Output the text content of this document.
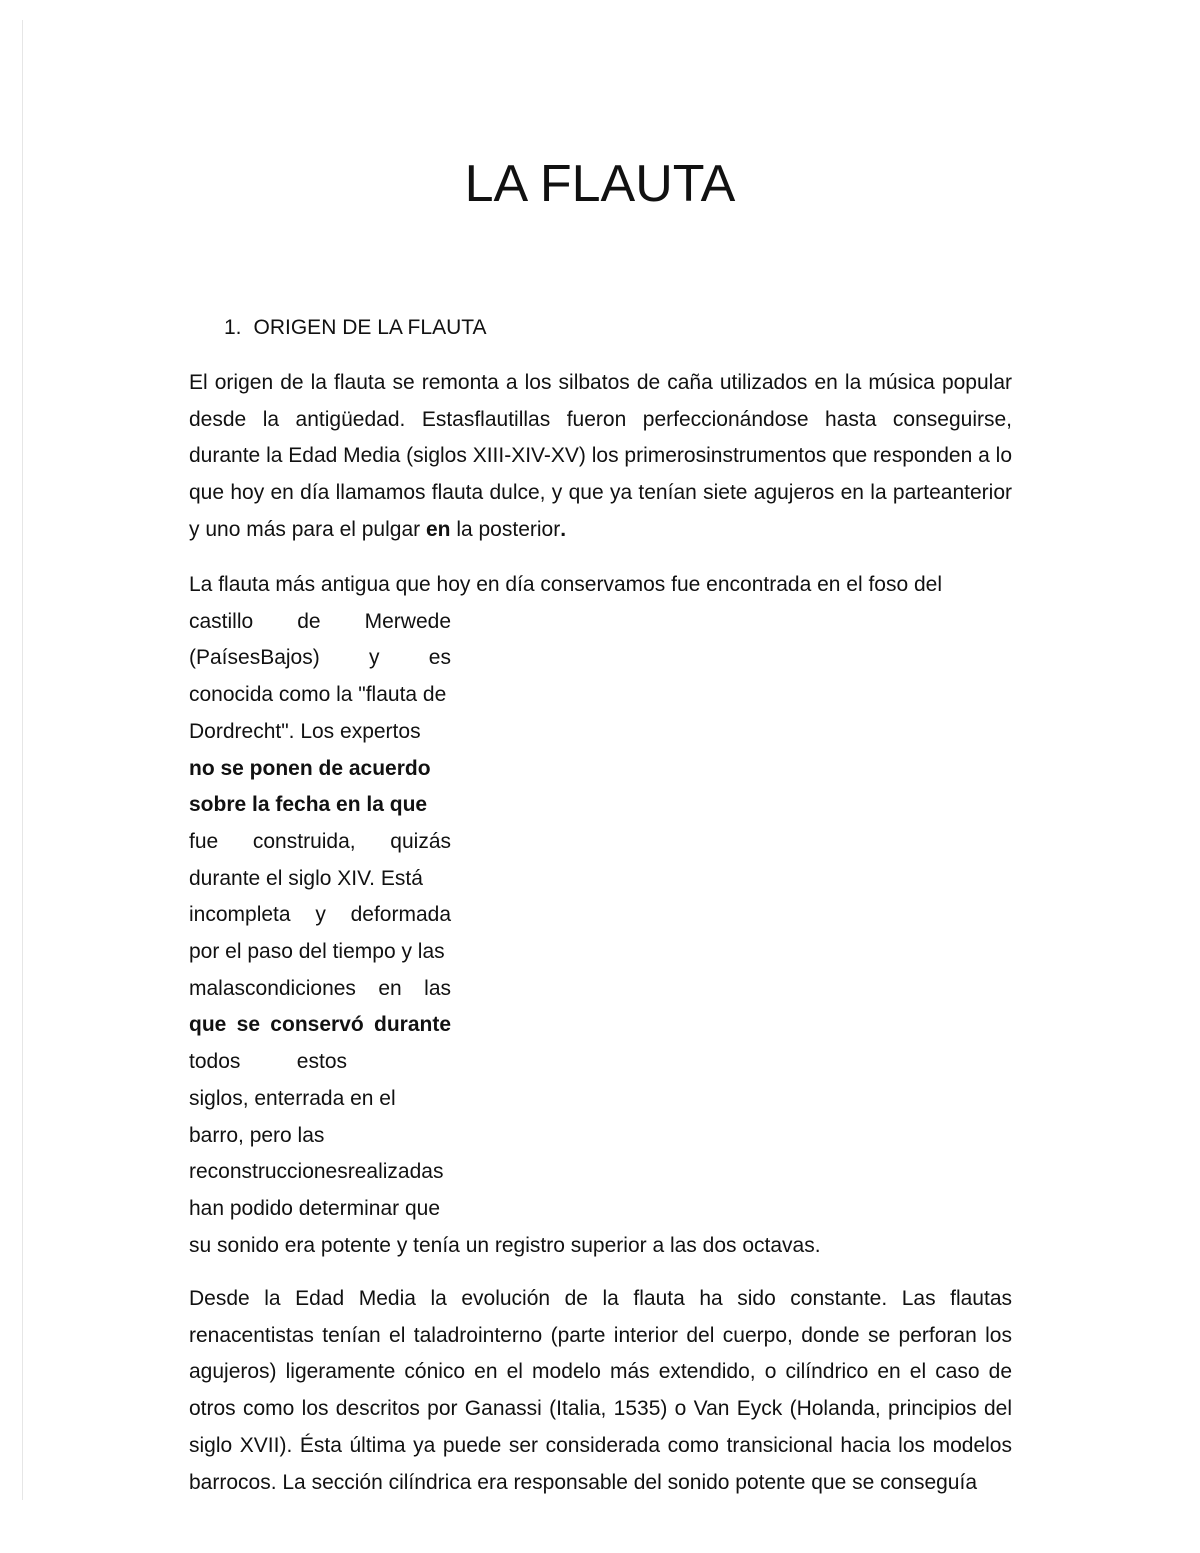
LA FLAUTA
1. ORIGEN DE LA FLAUTA
El origen de la flauta se remonta a los silbatos de caña utilizados en la música popular desde la antigüedad. Estasflautillas fueron perfeccionándose hasta conseguirse, durante la Edad Media (siglos XIII-XIV-XV) los primerosinstrumentos que responden a lo que hoy en día llamamos flauta dulce, y que ya tenían siete agujeros en la parteanterior y uno más para el pulgar en la posterior.
La flauta más antigua que hoy en día conservamos fue encontrada en el foso del
castillo de Merwede
(PaísesBajos) y es
conocida como la "flauta de
Dordrecht". Los expertos
no se ponen de acuerdo
sobre la fecha en la que
fue construida, quizás
durante el siglo XIV. Está
incompleta y deformada
por el paso del tiempo y las
malascondiciones en las
que se conservó durante
todos estos
siglos, enterrada en el
barro, pero las
reconstruccionesrealizadas
han podido determinar que
su sonido era potente y tenía un registro superior a las dos octavas.
Desde la Edad Media la evolución de la flauta ha sido constante. Las flautas renacentistas tenían el taladrointerno (parte interior del cuerpo, donde se perforan los agujeros) ligeramente cónico en el modelo más extendido, o cilíndrico en el caso de otros como los descritos por Ganassi (Italia, 1535) o Van Eyck (Holanda, principios del siglo XVII). Ésta última ya puede ser considerada como transicional hacia los modelos barrocos. La sección cilíndrica era responsable del sonido potente que se conseguía
